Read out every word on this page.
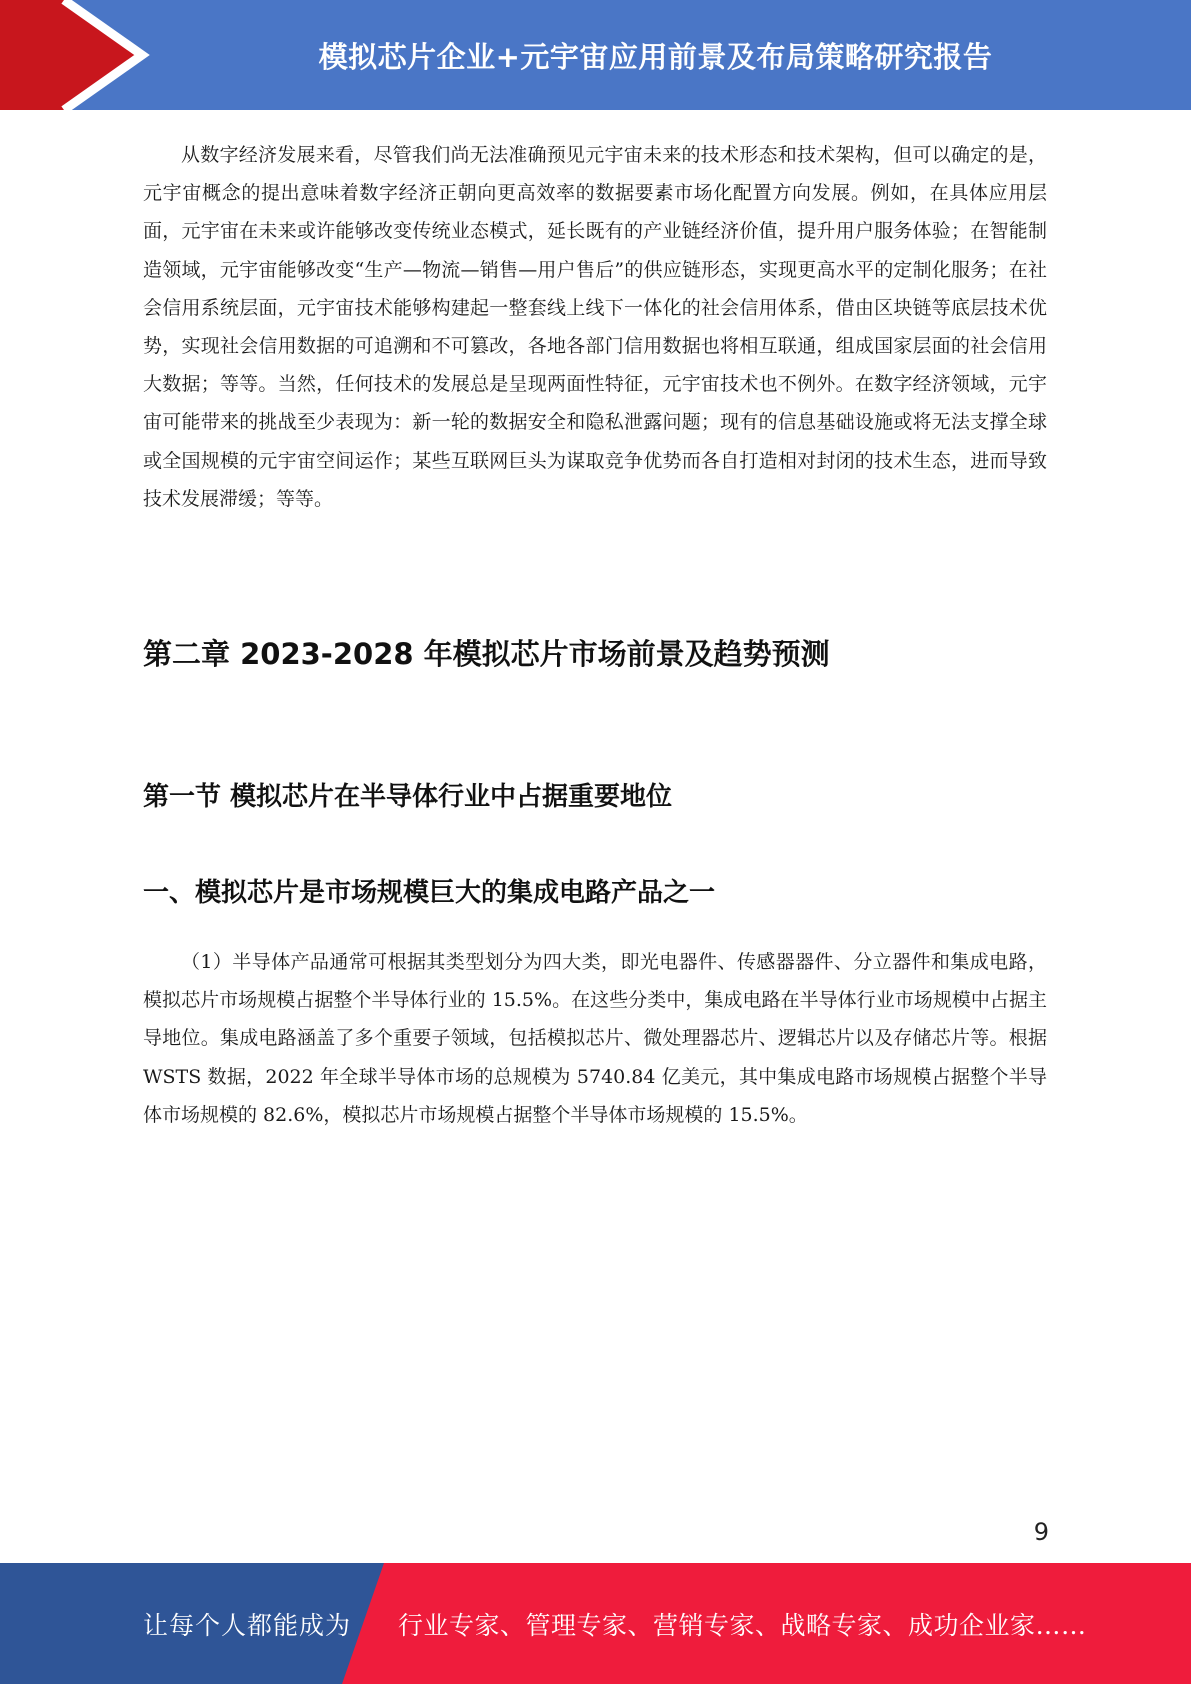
模拟芯片企业+元宇宙应用前景及布局策略研究报告

从数字经济发展来看，尽管我们尚无法准确预见元宇宙未来的技术形态和技术架构，但可以确定的是，元宇宙概念的提出意味着数字经济正朝向更高效率的数据要素市场化配置方向发展。例如，在具体应用层面，元宇宙在未来或许能够改变传统业态模式，延长既有的产业链经济价值，提升用户服务体验；在智能制造领域，元宇宙能够改变“生产—物流—销售—用户售后”的供应链形态，实现更高水平的定制化服务；在社会信用系统层面，元宇宙技术能够构建起一整套线上线下一体化的社会信用体系，借由区块链等底层技术优势，实现社会信用数据的可追溯和不可篡改，各地各部门信用数据也将相互联通，组成国家层面的社会信用大数据；等等。当然，任何技术的发展总是呈现两面性特征，元宇宙技术也不例外。在数字经济领域，元宇宙可能带来的挑战至少表现为：新一轮的数据安全和隐私泄露问题；现有的信息基础设施或将无法支撑全球或全国规模的元宇宙空间运作；某些互联网巨头为谋取竞争优势而各自打造相对封闭的技术生态，进而导致技术发展滞缓；等等。

第二章 2023-2028 年模拟芯片市场前景及趋势预测
第一节 模拟芯片在半导体行业中占据重要地位
一、模拟芯片是市场规模巨大的集成电路产品之一

（1）半导体产品通常可根据其类型划分为四大类，即光电器件、传感器器件、分立器件和集成电路，模拟芯片市场规模占据整个半导体行业的 15.5%。在这些分类中，集成电路在半导体行业市场规模中占据主导地位。集成电路涵盖了多个重要子领域，包括模拟芯片、微处理器芯片、逻辑芯片以及存储芯片等。根据 WSTS 数据，2022 年全球半导体市场的总规模为 5740.84 亿美元，其中集成电路市场规模占据整个半导体市场规模的 82.6%，模拟芯片市场规模占据整个半导体市场规模的 15.5%。

9
让每个人都能成为 行业专家、管理专家、营销专家、战略专家、成功企业家……
